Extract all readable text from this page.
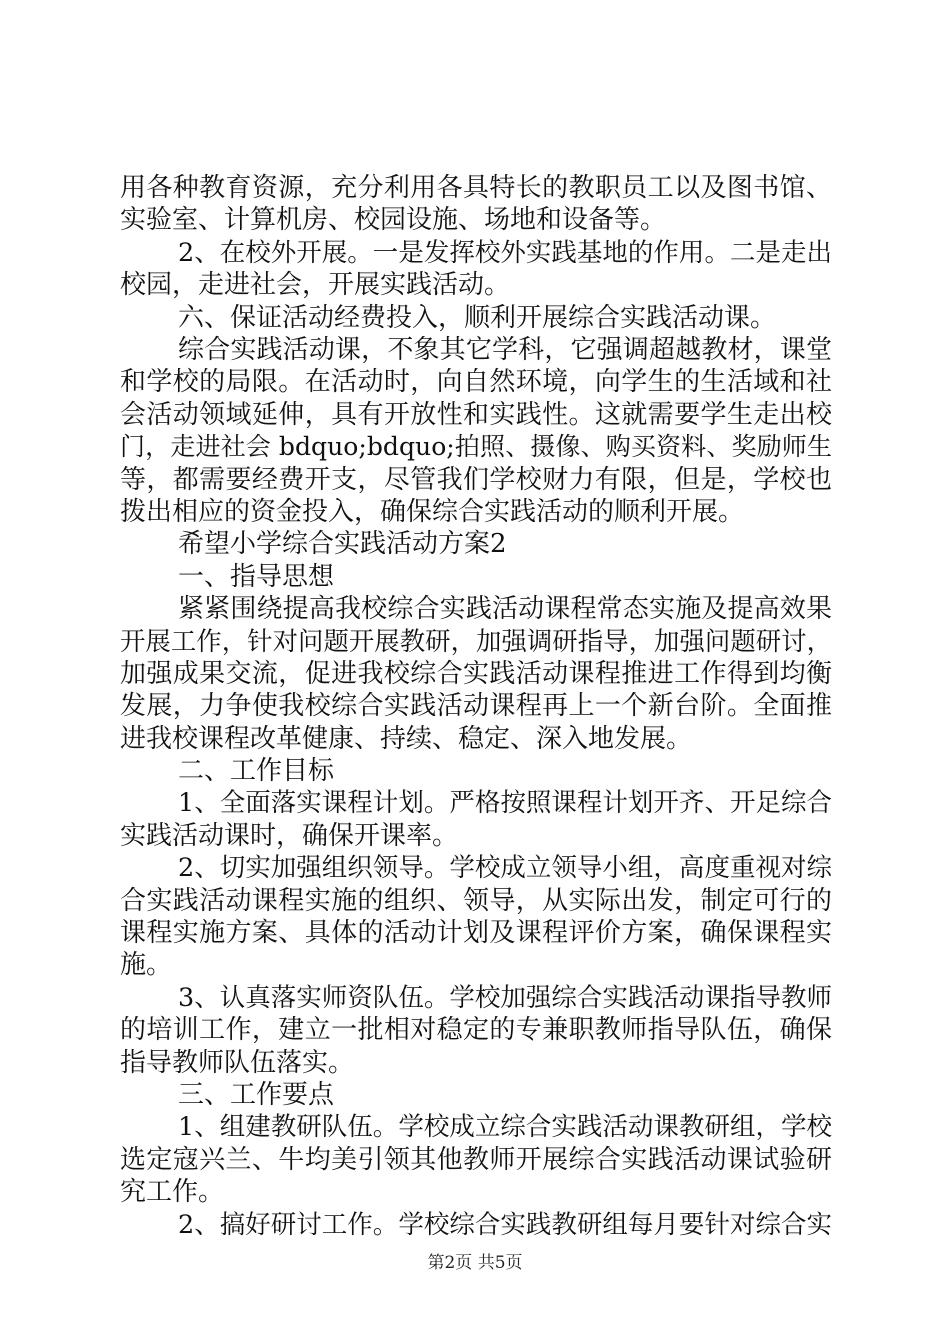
用各种教育资源，充分利用各具特长的教职员工以及图书馆、
实验室、计算机房、校园设施、场地和设备等。
2、在校外开展。一是发挥校外实践基地的作用。二是走出
校园，走进社会，开展实践活动。
六、保证活动经费投入，顺利开展综合实践活动课。
综合实践活动课，不象其它学科，它强调超越教材，课堂
和学校的局限。在活动时，向自然环境，向学生的生活域和社
会活动领域延伸，具有开放性和实践性。这就需要学生走出校
门，走进社会 bdquo;bdquo;拍照、摄像、购买资料、奖励师生
等，都需要经费开支，尽管我们学校财力有限，但是，学校也
拨出相应的资金投入，确保综合实践活动的顺利开展。
希望小学综合实践活动方案2
一、指导思想
紧紧围绕提高我校综合实践活动课程常态实施及提高效果
开展工作，针对问题开展教研，加强调研指导，加强问题研讨，
加强成果交流，促进我校综合实践活动课程推进工作得到均衡
发展，力争使我校综合实践活动课程再上一个新台阶。全面推
进我校课程改革健康、持续、稳定、深入地发展。
二、工作目标
1、全面落实课程计划。严格按照课程计划开齐、开足综合
实践活动课时，确保开课率。
2、切实加强组织领导。学校成立领导小组，高度重视对综
合实践活动课程实施的组织、领导，从实际出发，制定可行的
课程实施方案、具体的活动计划及课程评价方案，确保课程实
施。
3、认真落实师资队伍。学校加强综合实践活动课指导教师
的培训工作，建立一批相对稳定的专兼职教师指导队伍，确保
指导教师队伍落实。
三、工作要点
1、组建教研队伍。学校成立综合实践活动课教研组，学校
选定寇兴兰、牛均美引领其他教师开展综合实践活动课试验研
究工作。
2、搞好研讨工作。学校综合实践教研组每月要针对综合实
第2页 共5页
